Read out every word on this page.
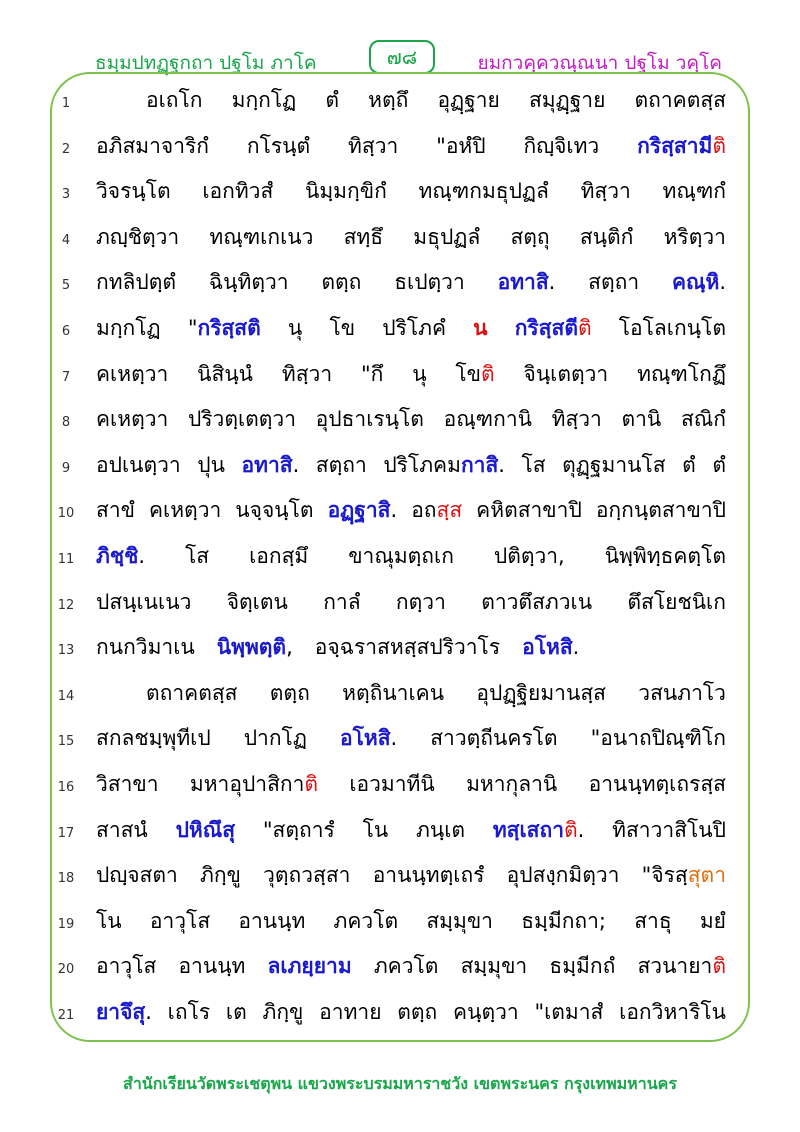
ธมฺมปทฏฺฐกถา ปฐโม ภาโค	๗๘	ยมกวคฺควณฺณนา ปฐโม วคฺโค
1	อเถโก มกฺกโฏ ตํ หตฺถึ อุฏฺฐาย สมุฏฺฐาย ตถาคตสฺส
2	อภิสมาจาริกํ กโรนฺตํ ทิสฺวา "อหํปิ กิญฺจิเทว กริสฺสามีติ
3	วิจรนฺโต เอกทิวสํ นิมฺมกฺขิกํ ทณฺฑกมธุปฏลํ ทิสฺวา ทณฺฑกํ
4	ภญฺชิตฺวา ทณฺฑเกเนว สทฺธึ มธุปฏลํ สตฺถุ สนฺติกํ หริตฺวา
5	กทลิปตฺตํ ฉินฺทิตฺวา ตตฺถ ธเปตฺวา อทาสิ. สตฺถา คณฺหิ.
6	มกฺกโฏ "กริสฺสติ นุ โข ปริโภคํ น กริสฺสตีติ โอโลเกนฺโต
7	คเหตฺวา นิสินฺนํ ทิสฺวา "กึ นุ โขติ จินฺเตตฺวา ทณฺฑโกฏึ
8	คเหตฺวา ปริวตฺเตตฺวา อุปธาเรนฺโต อณฺฑกานิ ทิสฺวา ตานิ สณิกํ
9	อปเนตฺวา ปุน อทาสิ. สตฺถา ปริโภคมกาสิ. โส ตุฏฺฐมานโส ตํ ตํ
10	สาขํ คเหตฺวา นจฺจนฺโต อฏฺฐาสิ. อถสฺส คหิตสาขาปิ อกฺกนฺตสาขาปิ
11	ภิชฺชิ. โส เอกสฺมึ ขาณุมตฺถเก ปติตฺวา, นิพฺพิทฺธคตฺโต
12	ปสนฺเนเนว จิตฺเตน กาลํ กตฺวา ตาวตึสภวเน ตึสโยชนิเก
13	กนกวิมาเน นิพฺพตฺติ, อจฺฉราสหสฺสปริวาโร อโหสิ.
14	ตถาคตสฺส ตตฺถ หตฺถินาเคน อุปฏฺฐิยมานสฺส วสนภาโว
15	สกลชมฺพุทีเป ปากโฏ อโหสิ. สาวตฺถีนครโต "อนาถปิณฺฑิโก
16	วิสาขา มหาอุปาสิกาติ เอวมาทีนิ มหากุลานิ อานนฺทตฺเถรสฺส
17	สาสนํ ปหิณึสุ "สตฺถารํ โน ภนฺเต ทสฺเสถาติ. ทิสาวาสิโนปิ
18	ปญฺจสตา ภิกฺขู วุตฺถวสฺสา อานนฺทตฺเถรํ อุปสงฺกมิตฺวา "จิรสฺสุตา
19	โน อาวุโส อานนฺท ภควโต สมฺมุขา ธมฺมีกถา; สาธุ มยํ
20	อาวุโส อานนฺท ลเภยฺยาม ภควโต สมฺมุขา ธมฺมีกถํ สวนายาติ
21	ยาจึสุ. เถโร เต ภิกฺขู อาทาย ตตฺถ คนฺตฺวา "เตมาสํ เอกวิหาริโน
สำนักเรียนวัดพระเชตุพน แขวงพระบรมมหาราชวัง เขตพระนคร กรุงเทพมหานคร
